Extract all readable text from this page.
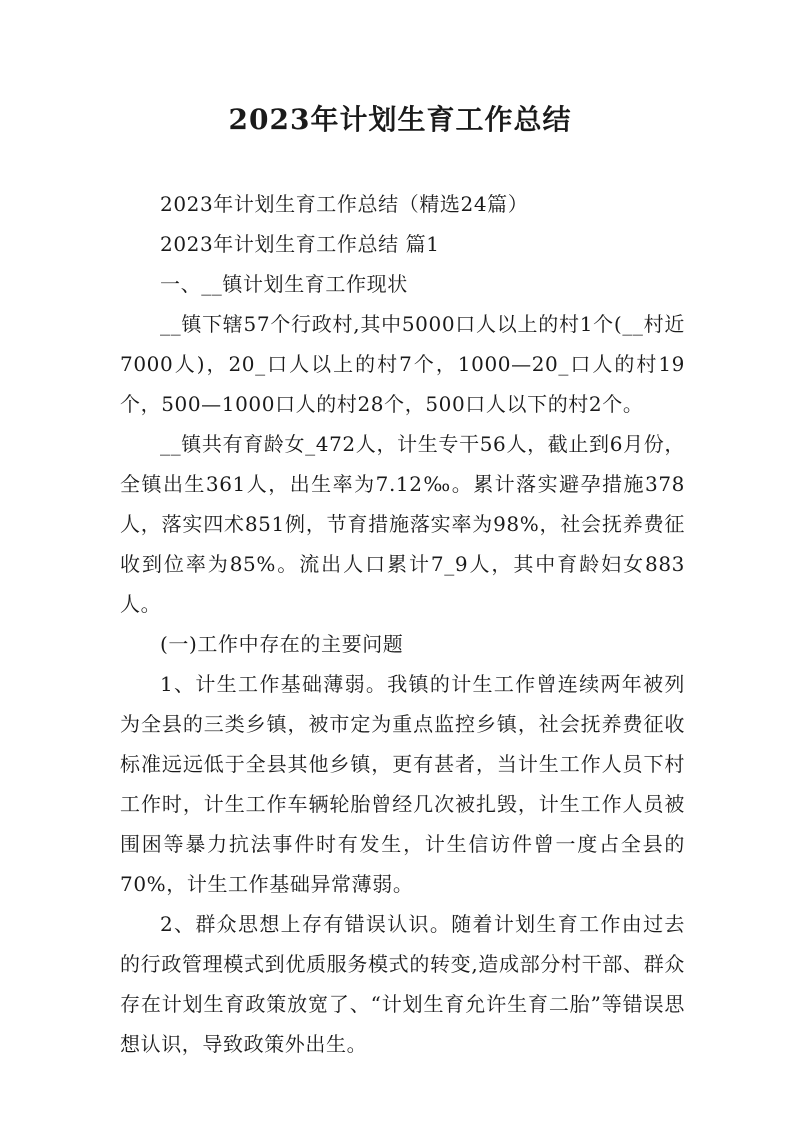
2023年计划生育工作总结

2023年计划生育工作总结（精选24篇）

2023年计划生育工作总结 篇1

一、__镇计划生育工作现状

__镇下辖57个行政村,其中5000口人以上的村1个(__村近7000人)，20_口人以上的村7个，1000—20_口人的村19个，500—1000口人的村28个，500口人以下的村2个。

__镇共有育龄女_472人，计生专干56人，截止到6月份，全镇出生361人，出生率为7.12‰。累计落实避孕措施378人，落实四术851例，节育措施落实率为98%，社会抚养费征收到位率为85%。流出人口累计7_9人，其中育龄妇女883人。

(一)工作中存在的主要问题

1、计生工作基础薄弱。我镇的计生工作曾连续两年被列为全县的三类乡镇，被市定为重点监控乡镇，社会抚养费征收标准远远低于全县其他乡镇，更有甚者，当计生工作人员下村工作时，计生工作车辆轮胎曾经几次被扎毁，计生工作人员被围困等暴力抗法事件时有发生，计生信访件曾一度占全县的70%，计生工作基础异常薄弱。

2、群众思想上存有错误认识。随着计划生育工作由过去的行政管理模式到优质服务模式的转变,造成部分村干部、群众存在计划生育政策放宽了、“计划生育允许生育二胎”等错误思想认识，导致政策外出生。
